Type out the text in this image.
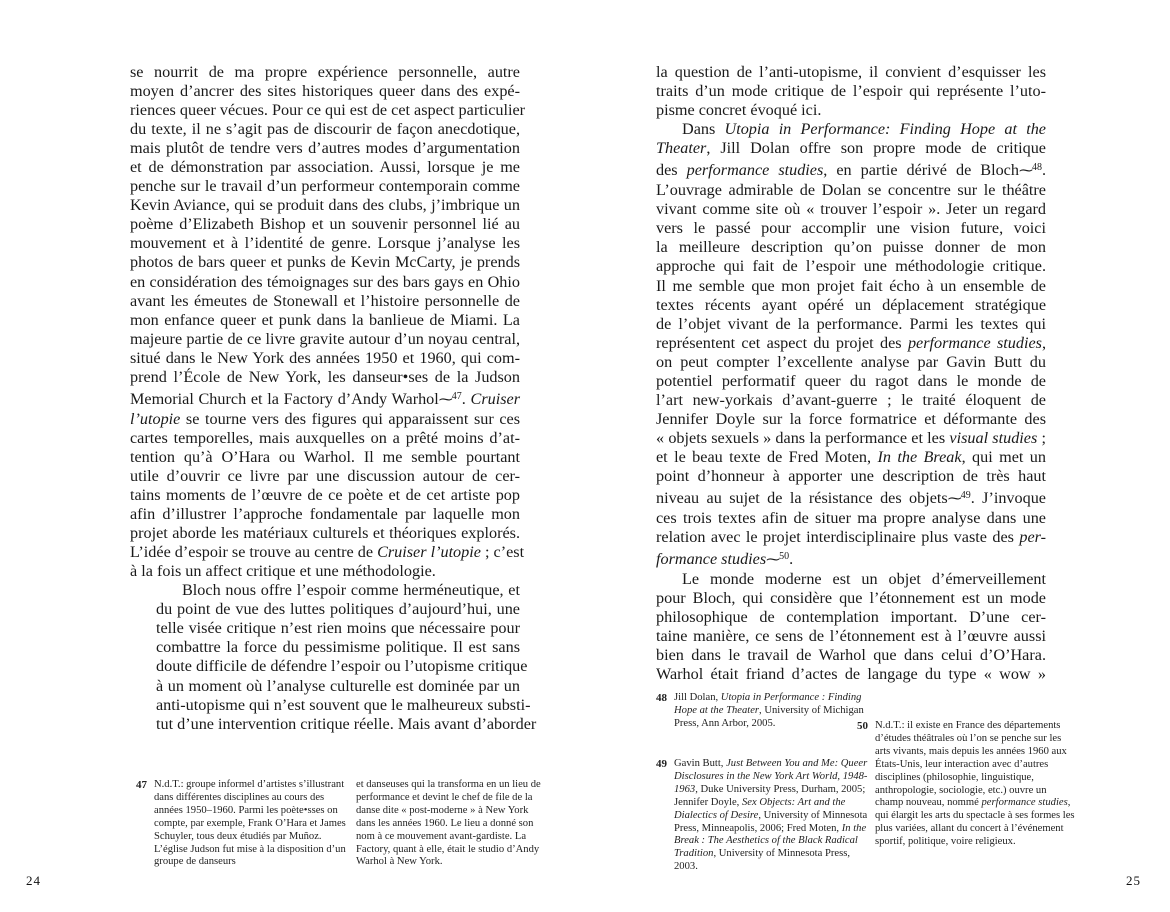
se nourrit de ma propre expérience personnelle, autre
moyen d’ancrer des sites historiques queer dans des expé-
riences queer vécues. Pour ce qui est de cet aspect particulier
du texte, il ne s’agit pas de discourir de façon anecdotique,
mais plutôt de tendre vers d’autres modes d’argumentation
et de démonstration par association. Aussi, lorsque je me
penche sur le travail d’un performeur contemporain comme
Kevin Aviance, qui se produit dans des clubs, j’imbrique un
poème d’Elizabeth Bishop et un souvenir personnel lié au
mouvement et à l’identité de genre. Lorsque j’analyse les
photos de bars queer et punks de Kevin McCarty, je prends
en considération des témoignages sur des bars gays en Ohio
avant les émeutes de Stonewall et l’histoire personnelle de
mon enfance queer et punk dans la banlieue de Miami. La
majeure partie de ce livre gravite autour d’un noyau central,
situé dans le New York des années 1950 et 1960, qui com-
prend l’École de New York, les danseur•ses de la Judson
Memorial Church et la Factory d’Andy Warhol⁓$^{47}$. Cruiser
l’utopie se tourne vers des figures qui apparaissent sur ces
cartes temporelles, mais auxquelles on a prêté moins d’at-
tention qu’à O’Hara ou Warhol. Il me semble pourtant
utile d’ouvrir ce livre par une discussion autour de cer-
tains moments de l’œuvre de ce poète et de cet artiste pop
afin d’illustrer l’approche fondamentale par laquelle mon
projet aborde les matériaux culturels et théoriques explorés.
L’idée d’espoir se trouve au centre de Cruiser l’utopie ; c’est
à la fois un affect critique et une méthodologie.

Bloch nous offre l’espoir comme herméneutique, et
du point de vue des luttes politiques d’aujourd’hui, une
telle visée critique n’est rien moins que nécessaire pour
combattre la force du pessimisme politique. Il est sans
doute difficile de défendre l’espoir ou l’utopisme critique
à un moment où l’analyse culturelle est dominée par un
anti-utopisme qui n’est souvent que le malheureux substi-
tut d’une intervention critique réelle. Mais avant d’aborder

47 N.d.T.: groupe informel d’artistes s’illustrant dans différentes disciplines au cours des années 1950–1960. Parmi les poète•sses on compte, par exemple, Frank O’Hara et James Schuyler, tous deux étudiés par Muñoz. L’église Judson fut mise à la disposition d’un groupe de danseurs
et danseuses qui la transforma en un lieu de performance et devint le chef de file de la danse dite « post-moderne » à New York dans les années 1960. Le lieu a donné son nom à ce mouvement avant-gardiste. La Factory, quant à elle, était le studio d’Andy Warhol à New York.
24

la question de l’anti-utopisme, il convient d’esquisser les
traits d’un mode critique de l’espoir qui représente l’uto-
pisme concret évoqué ici.

Dans Utopia in Performance: Finding Hope at the
Theater, Jill Dolan offre son propre mode de critique
des performance studies, en partie dérivé de Bloch⁓$^{48}$.
L’ouvrage admirable de Dolan se concentre sur le théâtre
vivant comme site où « trouver l’espoir ». Jeter un regard
vers le passé pour accomplir une vision future, voici
la meilleure description qu’on puisse donner de mon
approche qui fait de l’espoir une méthodologie critique.
Il me semble que mon projet fait écho à un ensemble de
textes récents ayant opéré un déplacement stratégique
de l’objet vivant de la performance. Parmi les textes qui
représentent cet aspect du projet des performance studies,
on peut compter l’excellente analyse par Gavin Butt du
potentiel performatif queer du ragot dans le monde de
l’art new-yorkais d’avant-guerre ; le traité éloquent de
Jennifer Doyle sur la force formatrice et déformante des
« objets sexuels » dans la performance et les visual studies ;
et le beau texte de Fred Moten, In the Break, qui met un
point d’honneur à apporter une description de très haut
niveau au sujet de la résistance des objets⁓$^{49}$. J’invoque
ces trois textes afin de situer ma propre analyse dans une
relation avec le projet interdisciplinaire plus vaste des per-
formance studies⁓$^{50}$.

Le monde moderne est un objet d’émerveillement
pour Bloch, qui considère que l’étonnement est un mode
philosophique de contemplation important. D’une cer-
taine manière, ce sens de l’étonnement est à l’œuvre aussi
bien dans le travail de Warhol que dans celui d’O’Hara.
Warhol était friand d’actes de langage du type « wow »

48 Jill Dolan, Utopia in Performance : Finding Hope at the Theater, University of Michigan Press, Ann Arbor, 2005.
49 Gavin Butt, Just Between You and Me: Queer Disclosures in the New York Art World, 1948-1963, Duke University Press, Durham, 2005; Jennifer Doyle, Sex Objects: Art and the Dialectics of Desire, University of Minnesota Press, Minneapolis, 2006; Fred Moten, In the Break : The Aesthetics of the Black Radical Tradition, University of Minnesota Press, 2003.
50 N.d.T.: il existe en France des départements d’études théâtrales où l’on se penche sur les arts vivants, mais depuis les années 1960 aux États-Unis, leur interaction avec d’autres disciplines (philosophie, linguistique, anthropologie, sociologie, etc.) ouvre un champ nouveau, nommé performance studies, qui élargit les arts du spectacle à ses formes les plus variées, allant du concert à l’événement sportif, politique, voire religieux.
25
